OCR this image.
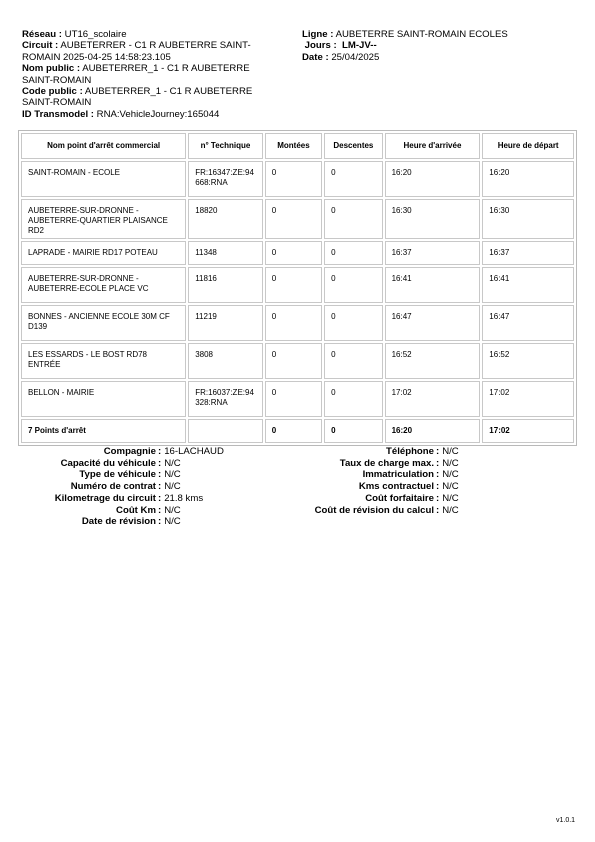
Réseau : UT16_scolaire
Circuit : AUBETERRER - C1 R AUBETERRE SAINT-ROMAIN 2025-04-25 14:58:23.105
Nom public : AUBETERRER_1 - C1 R AUBETERRE SAINT-ROMAIN
Code public : AUBETERRER_1 - C1 R AUBETERRE SAINT-ROMAIN
ID Transmodel : RNA:VehicleJourney:165044
Ligne : AUBETERRE SAINT-ROMAIN ECOLES
Jours : LM-JV--
Date : 25/04/2025
Nom point d'arrêt commercial	n° Technique	Montées	Descentes	Heure d'arrivée	Heure de départ
SAINT-ROMAIN - ECOLE	FR:16347:ZE:94668:RNA	0	0	16:20	16:20
AUBETERRE-SUR-DRONNE - AUBETERRE-QUARTIER PLAISANCE RD2	18820	0	0	16:30	16:30
LAPRADE - MAIRIE RD17 POTEAU	11348	0	0	16:37	16:37
AUBETERRE-SUR-DRONNE - AUBETERRE-ECOLE PLACE VC	11816	0	0	16:41	16:41
BONNES - ANCIENNE ECOLE 30M CF D139	11219	0	0	16:47	16:47
LES ESSARDS - LE BOST RD78 ENTRÉE	3808	0	0	16:52	16:52
BELLON - MAIRIE	FR:16037:ZE:94328:RNA	0	0	17:02	17:02
7 Points d'arrêt		0	0	16:20	17:02
Compagnie : 16-LACHAUD
Capacité du véhicule : N/C
Type de véhicule : N/C
Numéro de contrat : N/C
Kilometrage du circuit : 21.8 kms
Coût Km : N/C
Date de révision : N/C
Téléphone : N/C
Taux de charge max. : N/C
Immatriculation : N/C
Kms contractuel : N/C
Coût forfaitaire : N/C
Coût de révision du calcul : N/C
v1.0.1
